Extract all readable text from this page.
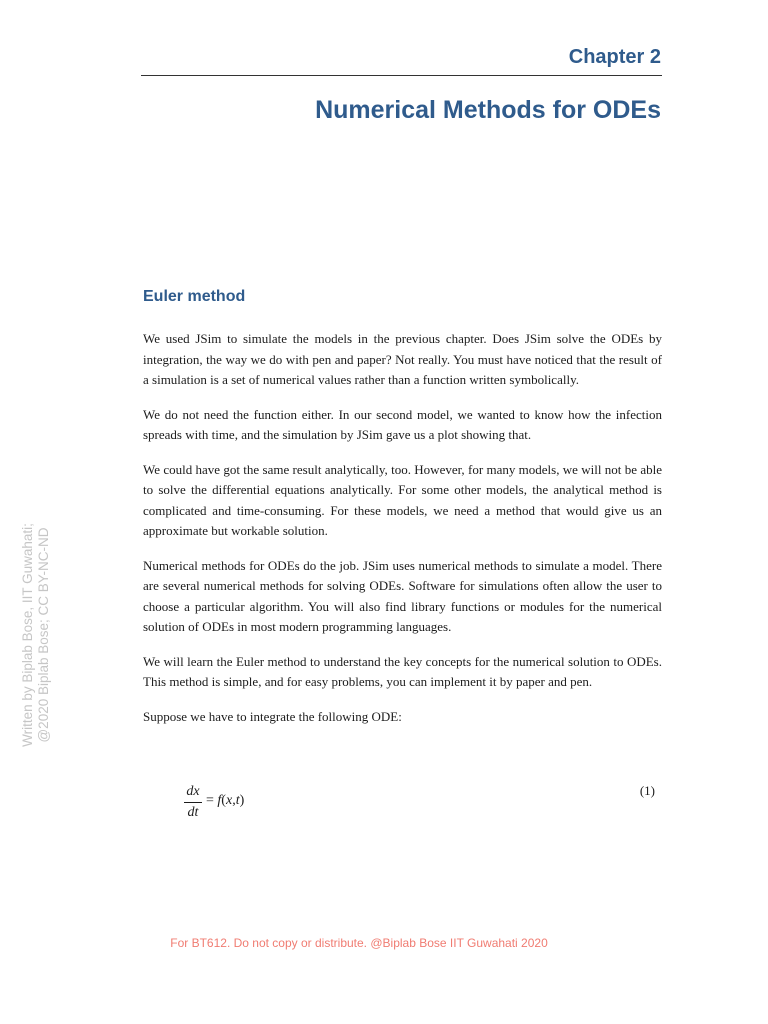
Chapter 2
Numerical Methods for ODEs
Euler method

We used JSim to simulate the models in the previous chapter. Does JSim solve the ODEs by integration, the way we do with pen and paper? Not really. You must have noticed that the result of a simulation is a set of numerical values rather than a function written symbolically.

We do not need the function either. In our second model, we wanted to know how the infection spreads with time, and the simulation by JSim gave us a plot showing that.

We could have got the same result analytically, too. However, for many models, we will not be able to solve the differential equations analytically. For some other models, the analytical method is complicated and time-consuming. For these models, we need a method that would give us an approximate but workable solution.

Numerical methods for ODEs do the job. JSim uses numerical methods to simulate a model. There are several numerical methods for solving ODEs. Software for simulations often allow the user to choose a particular algorithm. You will also find library functions or modules for the numerical solution of ODEs in most modern programming languages.

We will learn the Euler method to understand the key concepts for the numerical solution to ODEs. This method is simple, and for easy problems, you can implement it by paper and pen.

Suppose we have to integrate the following ODE:

dx
dt
= f(x,t)
(1)
Written by Biplab Bose, IIT Guwahati; @2020 Biplab Bose; CC BY-NC-ND
For BT612. Do not copy or distribute. @Biplab Bose IIT Guwahati 2020
